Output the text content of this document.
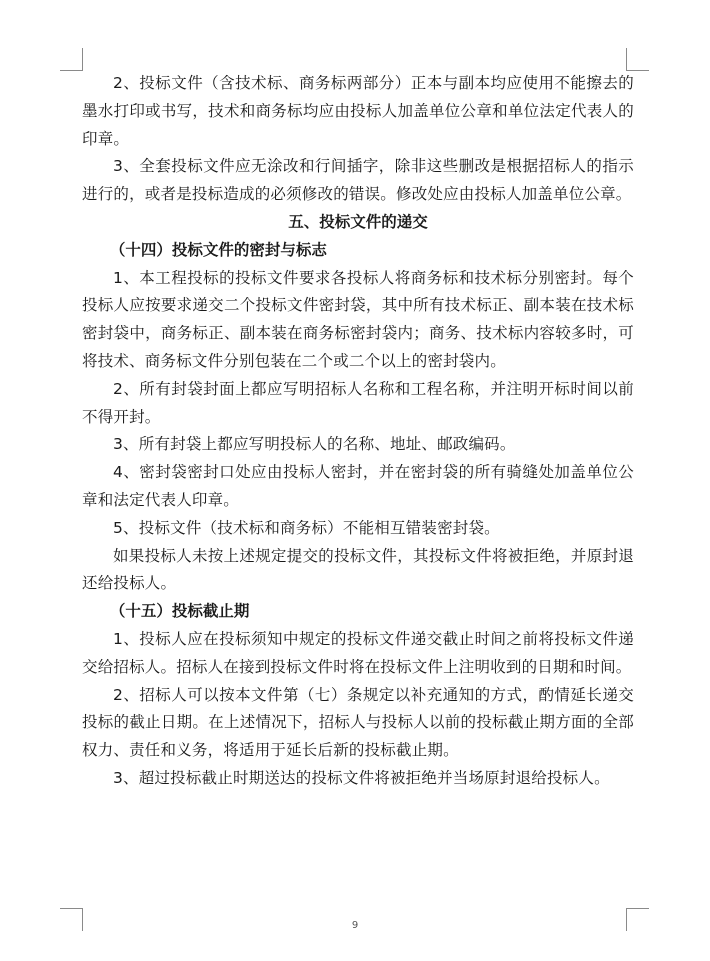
2、投标文件（含技术标、商务标两部分）正本与副本均应使用不能擦去的墨水打印或书写，技术和商务标均应由投标人加盖单位公章和单位法定代表人的印章。

3、全套投标文件应无涂改和行间插字，除非这些删改是根据招标人的指示进行的，或者是投标造成的必须修改的错误。修改处应由投标人加盖单位公章。

五、投标文件的递交

（十四）投标文件的密封与标志

1、本工程投标的投标文件要求各投标人将商务标和技术标分别密封。每个投标人应按要求递交二个投标文件密封袋，其中所有技术标正、副本装在技术标密封袋中，商务标正、副本装在商务标密封袋内；商务、技术标内容较多时，可将技术、商务标文件分别包装在二个或二个以上的密封袋内。

2、所有封袋封面上都应写明招标人名称和工程名称，并注明开标时间以前不得开封。

3、所有封袋上都应写明投标人的名称、地址、邮政编码。

4、密封袋密封口处应由投标人密封，并在密封袋的所有骑缝处加盖单位公章和法定代表人印章。

5、投标文件（技术标和商务标）不能相互错装密封袋。

如果投标人未按上述规定提交的投标文件，其投标文件将被拒绝，并原封退还给投标人。

（十五）投标截止期

1、投标人应在投标须知中规定的投标文件递交截止时间之前将投标文件递交给招标人。招标人在接到投标文件时将在投标文件上注明收到的日期和时间。

2、招标人可以按本文件第（七）条规定以补充通知的方式，酌情延长递交投标的截止日期。在上述情况下，招标人与投标人以前的投标截止期方面的全部权力、责任和义务，将适用于延长后新的投标截止期。

3、超过投标截止时期送达的投标文件将被拒绝并当场原封退给投标人。

9
